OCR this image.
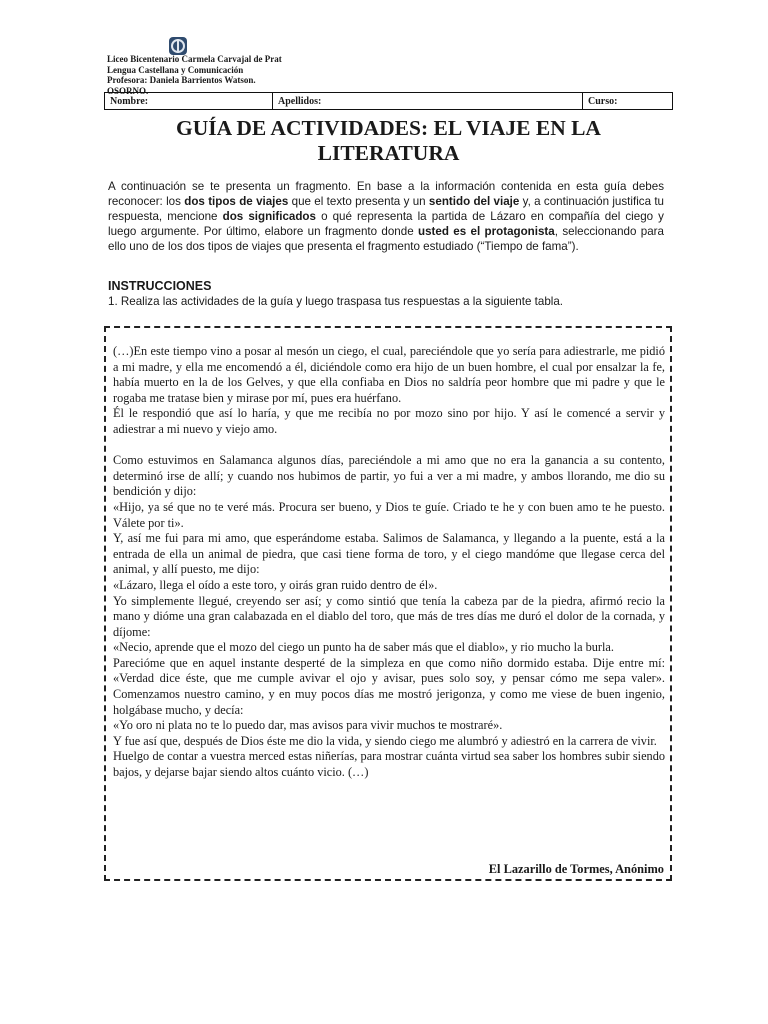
Liceo Bicentenario Carmela Carvajal de Prat
Lengua Castellana y Comunicación
Profesora: Daniela Barrientos Watson.
OSORNO.
Nombre:	Apellidos:	Curso:
GUÍA DE ACTIVIDADES: EL VIAJE EN LA
LITERATURA
A continuación se te presenta un fragmento. En base a la información contenida en esta guía debes reconocer: los dos tipos de viajes que el texto presenta y un sentido del viaje y, a continuación justifica tu respuesta, mencione dos significados o qué representa la partida de Lázaro en compañía del ciego y luego argumente. Por último, elabore un fragmento donde usted es el protagonista, seleccionando para ello uno de los dos tipos de viajes que presenta el fragmento estudiado (“Tiempo de fama”).
INSTRUCCIONES
1. Realiza las actividades de la guía y luego traspasa tus respuestas a la siguiente tabla.

(…)En este tiempo vino a posar al mesón un ciego, el cual, pareciéndole que yo sería para adiestrarle, me pidió a mi madre, y ella me encomendó a él, diciéndole como era hijo de un buen hombre, el cual por ensalzar la fe, había muerto en la de los Gelves, y que ella confiaba en Dios no saldría peor hombre que mi padre y que le rogaba me tratase bien y mirase por mí, pues era huérfano.

Él le respondió que así lo haría, y que me recibía no por mozo sino por hijo. Y así le comencé a servir y adiestrar a mi nuevo y viejo amo.

Como estuvimos en Salamanca algunos días, pareciéndole a mi amo que no era la ganancia a su contento, determinó irse de allí; y cuando nos hubimos de partir, yo fui a ver a mi madre, y ambos llorando, me dio su bendición y dijo:

«Hijo, ya sé que no te veré más. Procura ser bueno, y Dios te guíe. Criado te he y con buen amo te he puesto. Válete por ti».

Y, así me fui para mi amo, que esperándome estaba. Salimos de Salamanca, y llegando a la puente, está a la entrada de ella un animal de piedra, que casi tiene forma de toro, y el ciego mandóme que llegase cerca del animal, y allí puesto, me dijo:

«Lázaro, llega el oído a este toro, y oirás gran ruido dentro de él».

Yo simplemente llegué, creyendo ser así; y como sintió que tenía la cabeza par de la piedra, afirmó recio la mano y dióme una gran calabazada en el diablo del toro, que más de tres días me duró el dolor de la cornada, y díjome:

«Necio, aprende que el mozo del ciego un punto ha de saber más que el diablo», y rio mucho la burla.

Parecióme que en aquel instante desperté de la simpleza en que como niño dormido estaba. Dije entre mí: «Verdad dice éste, que me cumple avivar el ojo y avisar, pues solo soy, y pensar cómo me sepa valer». Comenzamos nuestro camino, y en muy pocos días me mostró jerigonza, y como me viese de buen ingenio, holgábase mucho, y decía:

«Yo oro ni plata no te lo puedo dar, mas avisos para vivir muchos te mostraré».

Y fue así que, después de Dios éste me dio la vida, y siendo ciego me alumbró y adiestró en la carrera de vivir.

Huelgo de contar a vuestra merced estas niñerías, para mostrar cuánta virtud sea saber los hombres subir siendo bajos, y dejarse bajar siendo altos cuánto vicio. (…)

El Lazarillo de Tormes, Anónimo
